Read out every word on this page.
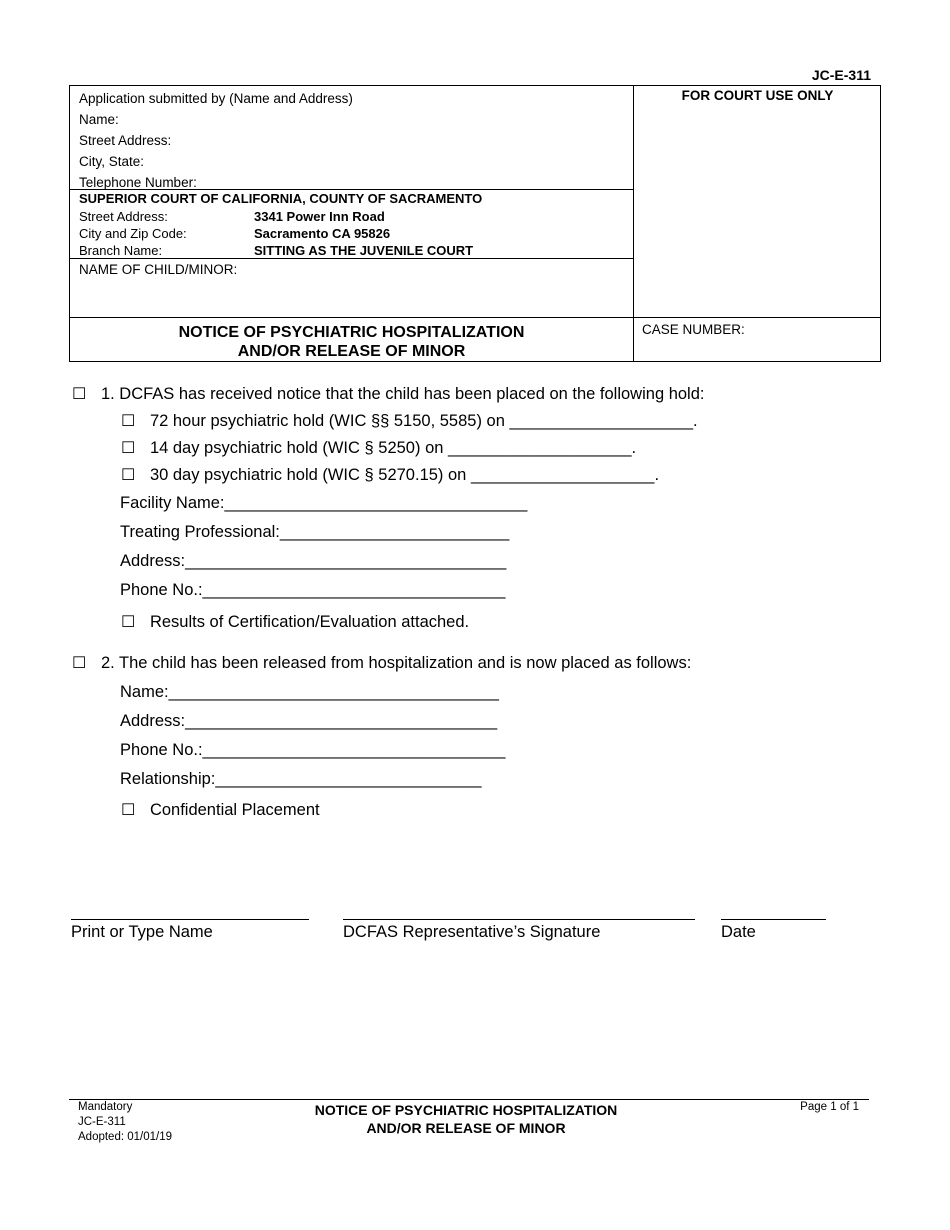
JC-E-311
Application submitted by (Name and Address)
Name:
Street Address:
City, State:
Telephone Number:
SUPERIOR COURT OF CALIFORNIA, COUNTY OF SACRAMENTO
Street Address:	3341 Power Inn Road
City and Zip Code:	Sacramento CA 95826
Branch Name:	SITTING AS THE JUVENILE COURT
NAME OF CHILD/MINOR:
NOTICE OF PSYCHIATRIC HOSPITALIZATION
AND/OR RELEASE OF MINOR
FOR COURT USE ONLY
CASE NUMBER:
☐ 1. DCFAS has received notice that the child has been placed on the following hold:
☐ 72 hour psychiatric hold (WIC §§ 5150, 5585) on ____________________.
☐ 14 day psychiatric hold (WIC § 5250) on ____________________.
☐ 30 day psychiatric hold (WIC § 5270.15) on ____________________.
Facility Name:_________________________________
Treating Professional:_________________________
Address:___________________________________
Phone No.:_________________________________
☐ Results of Certification/Evaluation attached.
☐ 2. The child has been released from hospitalization and is now placed as follows:
Name:____________________________________
Address:__________________________________
Phone No.:_________________________________
Relationship:_____________________________
☐ Confidential Placement
Print or Type Name	DCFAS Representative’s Signature	Date
Mandatory
JC-E-311
Adopted: 01/01/19
NOTICE OF PSYCHIATRIC HOSPITALIZATION
AND/OR RELEASE OF MINOR
Page 1 of 1
